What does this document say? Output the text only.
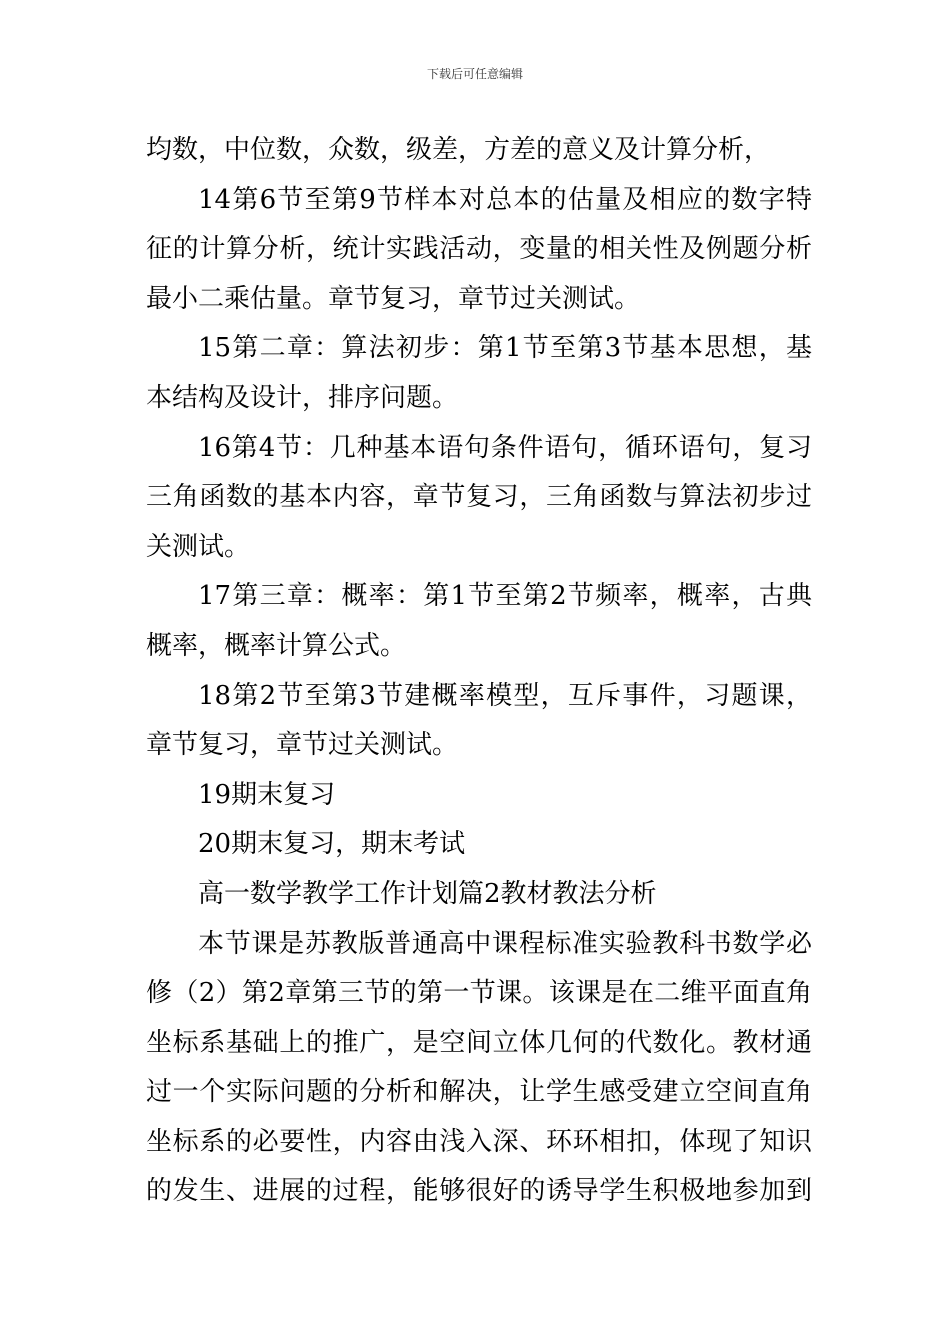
下载后可任意编辑
均数，中位数，众数，级差，方差的意义及计算分析，
14第6节至第9节样本对总本的估量及相应的数字特
征的计算分析，统计实践活动，变量的相关性及例题分析
最小二乘估量。章节复习，章节过关测试。
15第二章：算法初步：第1节至第3节基本思想，基
本结构及设计，排序问题。
16第4节：几种基本语句条件语句，循环语句，复习
三角函数的基本内容，章节复习，三角函数与算法初步过
关测试。
17第三章：概率：第1节至第2节频率，概率，古典
概率，概率计算公式。
18第2节至第3节建概率模型，互斥事件，习题课，
章节复习，章节过关测试。
19期末复习
20期末复习，期末考试
高一数学教学工作计划篇2教材教法分析
本节课是苏教版普通高中课程标准实验教科书数学必
修（2）第2章第三节的第一节课。该课是在二维平面直角
坐标系基础上的推广，是空间立体几何的代数化。教材通
过一个实际问题的分析和解决，让学生感受建立空间直角
坐标系的必要性，内容由浅入深、环环相扣，体现了知识
的发生、进展的过程，能够很好的诱导学生积极地参加到
